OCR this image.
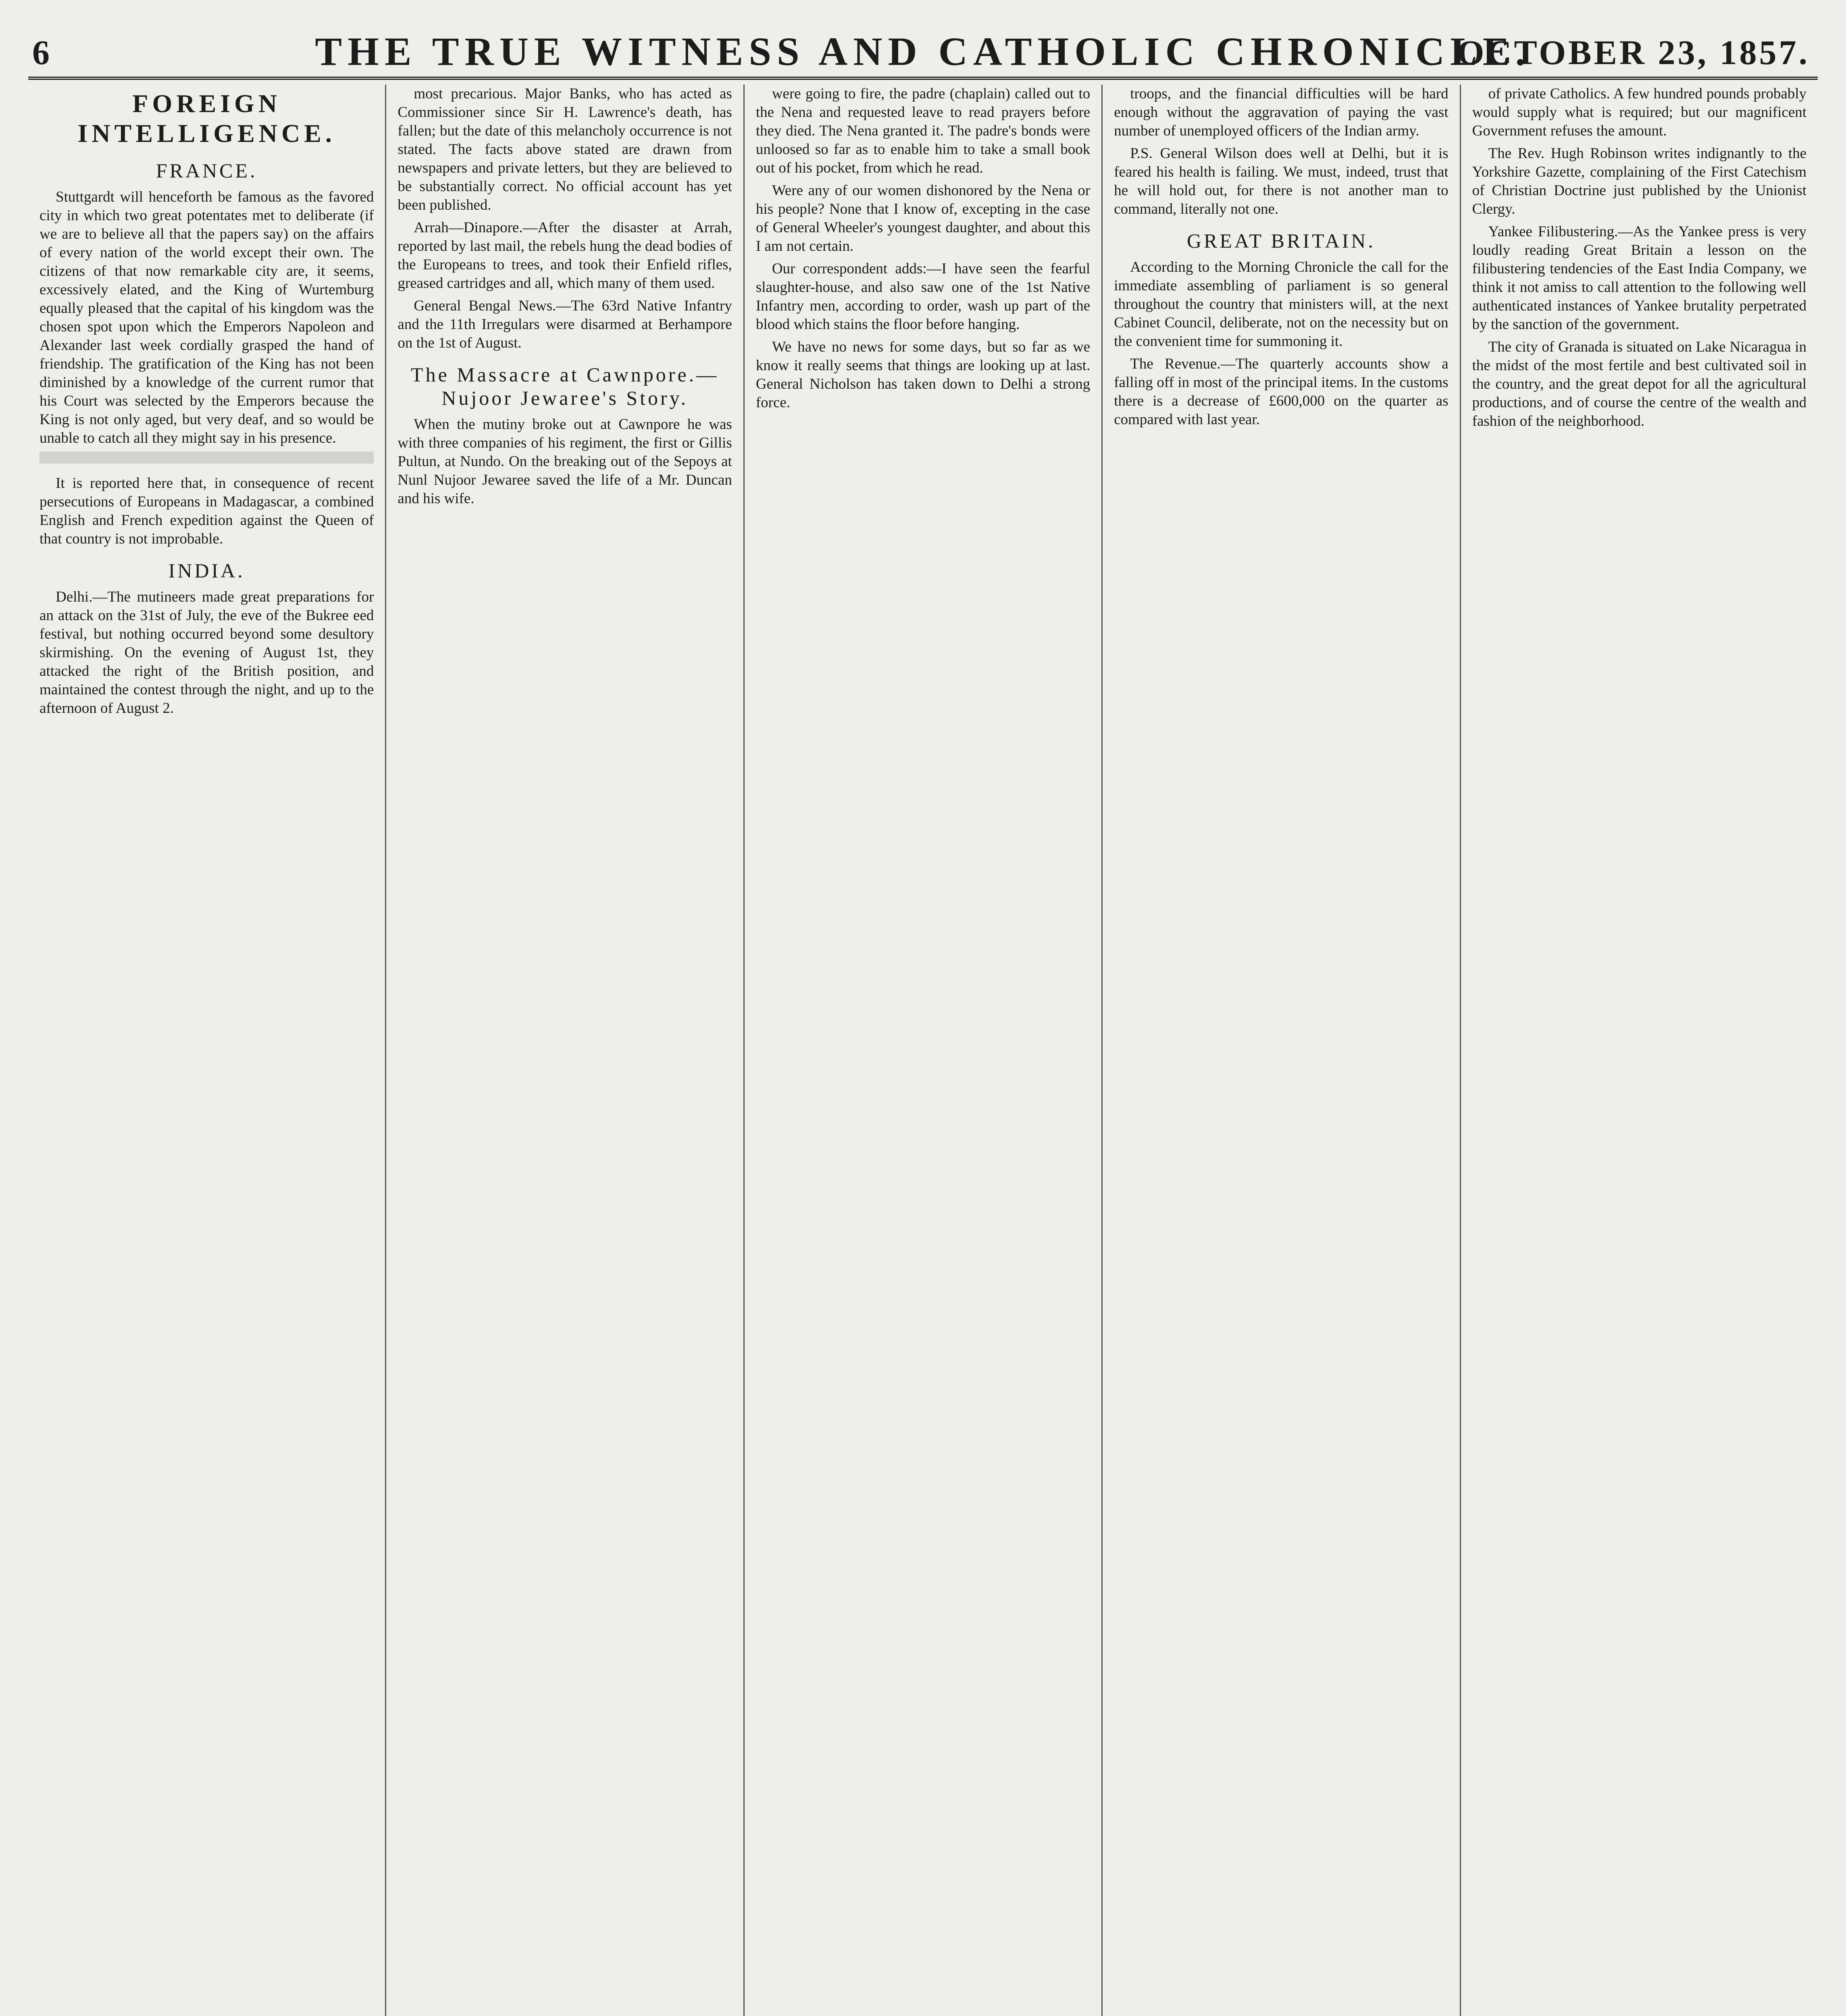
6	THE TRUE WITNESS AND CATHOLIC CHRONICLE.
OCTOBER 23, 1857.
FOREIGN INTELLIGENCE.
FRANCE.

Stuttgardt will henceforth be famous as the favored city in which two great potentates met to deliberate (if we are to believe all that the papers say) on the affairs of every nation of the world except their own. The citizens of that now remarkable city are, it seems, excessively elated, and the King of Wurtemburg equally pleased that the capital of his kingdom was the chosen spot upon which the Emperors Napoleon and Alexander last week cordially grasped the hand of friendship. The gratification of the King has not been diminished by a knowledge of the current rumor that his Court was selected by the Emperors because the King is not only aged, but very deaf, and so would be unable to catch all they might say in his presence.

It is reported here that, in consequence of recent persecutions of Europeans in Madagascar, a combined English and French expedition against the Queen of that country is not improbable.

INDIA.

Delhi.—The mutineers made great preparations for an attack on the 31st of July, the eve of the Bukree eed festival, but nothing occurred beyond some desultory skirmishing. On the evening of August 1st, they attacked the right of the British position, and maintained the contest through the night, and up to the afternoon of August 2.

most precarious. Major Banks, who has acted as Commissioner since Sir H. Lawrence's death, has fallen; but the date of this melancholy occurrence is not stated. The facts above stated are drawn from newspapers and private letters, but they are believed to be substantially correct. No official account has yet been published.

Arrah—Dinapore.—After the disaster at Arrah, reported by last mail, the rebels hung the dead bodies of the Europeans to trees, and took their Enfield rifles, greased cartridges and all, which many of them used.

General Bengal News.—The 63rd Native Infantry and the 11th Irregulars were disarmed at Berhampore on the 1st of August.

The Massacre at Cawnpore.—Nujoor Jewaree's Story.

When the mutiny broke out at Cawnpore he was with three companies of his regiment, the first or Gillis Pultun, at Nundo. On the breaking out of the Sepoys at Nunl Nujoor Jewaree saved the life of a Mr. Duncan and his wife.

were going to fire, the padre (chaplain) called out to the Nena and requested leave to read prayers before they died. The Nena granted it. The padre's bonds were unloosed so far as to enable him to take a small book out of his pocket, from which he read.

Were any of our women dishonored by the Nena or his people? None that I know of, excepting in the case of General Wheeler's youngest daughter, and about this I am not certain.

Our correspondent adds:—I have seen the fearful slaughter-house, and also saw one of the 1st Native Infantry men, according to order, wash up part of the blood which stains the floor before hanging.

We have no news for some days, but so far as we know it really seems that things are looking up at last. General Nicholson has taken down to Delhi a strong force.

troops, and the financial difficulties will be hard enough without the aggravation of paying the vast number of unemployed officers of the Indian army.

P.S. General Wilson does well at Delhi, but it is feared his health is failing. We must, indeed, trust that he will hold out, for there is not another man to command, literally not one.

GREAT BRITAIN.

According to the Morning Chronicle the call for the immediate assembling of parliament is so general throughout the country that ministers will, at the next Cabinet Council, deliberate, not on the necessity but on the convenient time for summoning it.

The Revenue.—The quarterly accounts show a falling off in most of the principal items. In the customs there is a decrease of £600,000 on the quarter as compared with last year.

of private Catholics. A few hundred pounds probably would supply what is required; but our magnificent Government refuses the amount.

The Rev. Hugh Robinson writes indignantly to the Yorkshire Gazette, complaining of the First Catechism of Christian Doctrine just published by the Unionist Clergy.

Yankee Filibustering.—As the Yankee press is very loudly reading Great Britain a lesson on the filibustering tendencies of the East India Company, we think it not amiss to call attention to the following well authenticated instances of Yankee brutality perpetrated by the sanction of the government.

The city of Granada is situated on Lake Nicaragua in the midst of the most fertile and best cultivated soil in the country, and the great depot for all the agricultural productions, and of course the centre of the wealth and fashion of the neighborhood.
